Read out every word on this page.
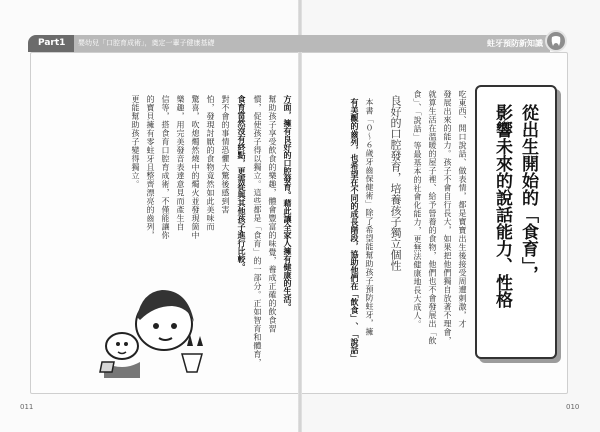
Part1	嬰幼兒「口腔育成術」，奠定一輩子健康基礎	蛀牙預防新知識
從出生開始的「食育」，
影響未來的說話能力、性格
吃東西、開口說話、做表情，都是寶寶出生後接受周遭刺激，才
發展出來的能力。孩子不會自行長大，如果把他們獨自放著不理會，
就算生活在溫暖的屋子裡、給予營養的食物，他們也不會發展出「飲
食」、「說話」等最基本的社會化能力，更無法健康地長大成人。
良好的口腔發育，培養孩子獨立個性
本書「０～６歲牙齒保健術」除了希望能幫助孩子預防蛀牙，擁
有美觀的齒列，也希望在不同的成長階段，協助他們在「飲食」、「說話」
方面，擁有良好的口腔發育。藉此讓全家人擁有健康的生活。
幫助孩子享受飲食的樂趣，體會豐富的味覺，養成正確的飲食習
慣，促使孩子得以獨立。這些都是「食育」的一部分。正如智育和體育，
食育當然沒有終點，更需從與其他孩子進行比較。
對不會的事情恐懼大驚後感到害
怕，發現討厭的食物竟然如此美味而
驚喜，吹熄燭然燒中的燭火並發現箇中
樂趣，用完美發音表達意見而產生自
信等，搭食育口腔育成術，不僅能讓你
的寶貝擁有零蛀牙且整齊漂亮的齒列，
更能幫助孩子變得獨立。
011	010
